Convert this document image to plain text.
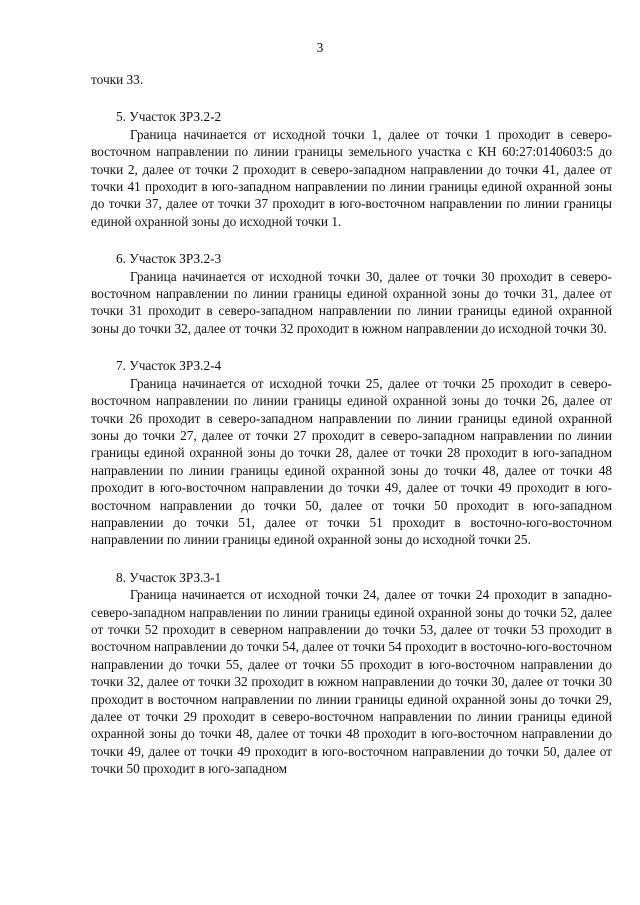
3

точки 33.

5. Участок ЗРЗ.2-2

Граница начинается от исходной точки 1, далее от точки 1 проходит в северо-восточном направлении по линии границы земельного участка с КН 60:27:0140603:5 до точки 2, далее от точки 2 проходит в северо-западном направлении до точки 41, далее от точки 41 проходит в юго-западном направлении по линии границы единой охранной зоны до точки 37, далее от точки 37 проходит в юго-восточном направлении по линии границы единой охранной зоны до исходной точки 1.

6. Участок ЗРЗ.2-3

Граница начинается от исходной точки 30, далее от точки 30 проходит в северо-восточном направлении по линии границы единой охранной зоны до точки 31, далее от точки 31 проходит в северо-западном направлении по линии границы единой охранной зоны до точки 32, далее от точки 32 проходит в южном направлении до исходной точки 30.

7. Участок ЗРЗ.2-4

Граница начинается от исходной точки 25, далее от точки 25 проходит в северо-восточном направлении по линии границы единой охранной зоны до точки 26, далее от точки 26 проходит в северо-западном направлении по линии границы единой охранной зоны до точки 27, далее от точки 27 проходит в северо-западном направлении по линии границы единой охранной зоны до точки 28, далее от точки 28 проходит в юго-западном направлении по линии границы единой охранной зоны до точки 48, далее от точки 48 проходит в юго-восточном направлении до точки 49, далее от точки 49 проходит в юго-восточном направлении до точки 50, далее от точки 50 проходит в юго-западном направлении до точки 51, далее от точки 51 проходит в восточно-юго-восточном направлении по линии границы единой охранной зоны до исходной точки 25.

8. Участок ЗРЗ.3-1

Граница начинается от исходной точки 24, далее от точки 24 проходит в западно-северо-западном направлении по линии границы единой охранной зоны до точки 52, далее от точки 52 проходит в северном направлении до точки 53, далее от точки 53 проходит в восточном направлении до точки 54, далее от точки 54 проходит в восточно-юго-восточном направлении до точки 55, далее от точки 55 проходит в юго-восточном направлении до точки 32, далее от точки 32 проходит в южном направлении до точки 30, далее от точки 30 проходит в восточном направлении по линии границы единой охранной зоны до точки 29, далее от точки 29 проходит в северо-восточном направлении по линии границы единой охранной зоны до точки 48, далее от точки 48 проходит в юго-восточном направлении до точки 49, далее от точки 49 проходит в юго-восточном направлении до точки 50, далее от точки 50 проходит в юго-западном
